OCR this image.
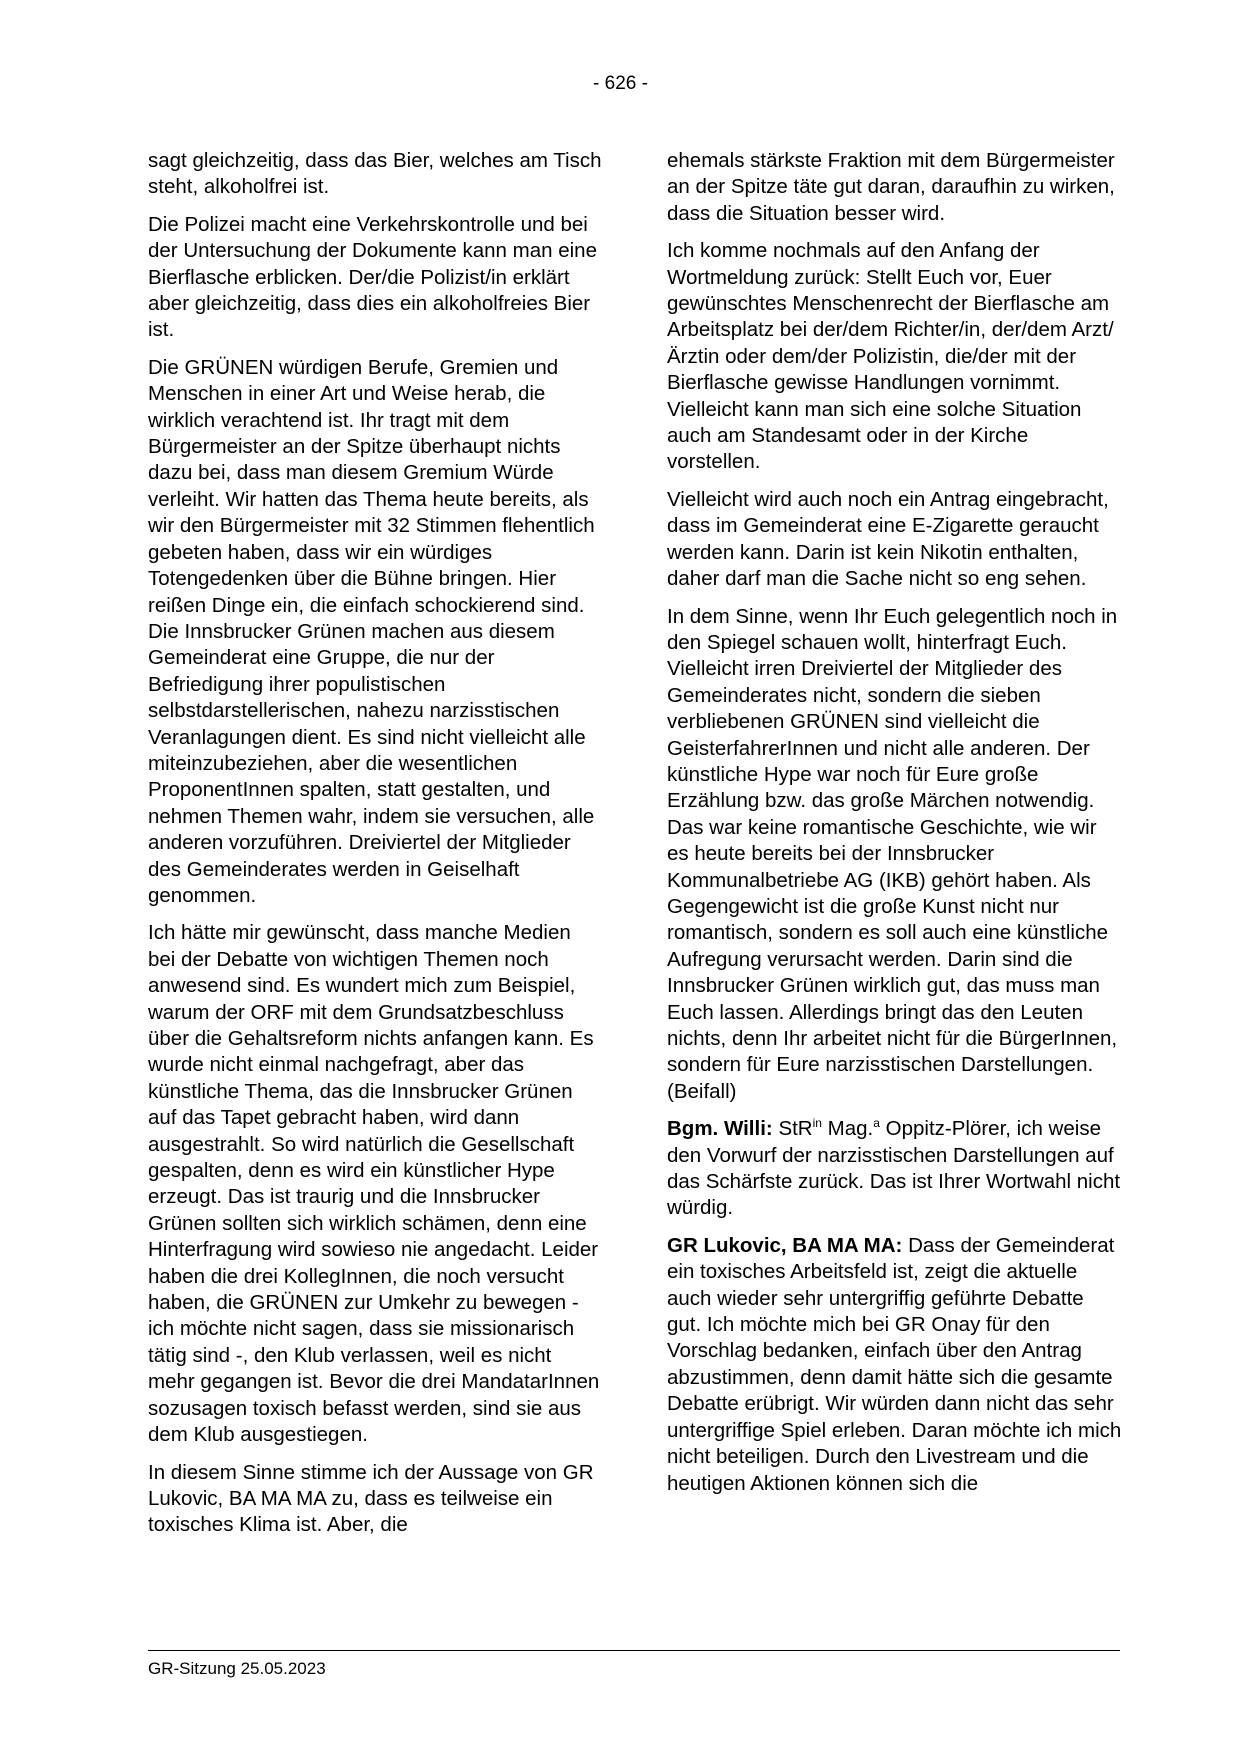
- 626 -

sagt gleichzeitig, dass das Bier, welches am Tisch steht, alkoholfrei ist.

Die Polizei macht eine Verkehrskontrolle und bei der Untersuchung der Dokumente kann man eine Bierflasche erblicken. Der/die Polizist/in erklärt aber gleichzeitig, dass dies ein alkoholfreies Bier ist.

Die GRÜNEN würdigen Berufe, Gremien und Menschen in einer Art und Weise herab, die wirklich verachtend ist. Ihr tragt mit dem Bürgermeister an der Spitze überhaupt nichts dazu bei, dass man diesem Gremium Würde verleiht. Wir hatten das Thema heute bereits, als wir den Bürgermeister mit 32 Stimmen flehentlich gebeten haben, dass wir ein würdiges Totengedenken über die Bühne bringen. Hier reißen Dinge ein, die einfach schockierend sind. Die Innsbrucker Grünen machen aus diesem Gemeinderat eine Gruppe, die nur der Befriedigung ihrer populistischen selbstdarstellerischen, nahezu narzisstischen Veranlagungen dient. Es sind nicht vielleicht alle miteinzubeziehen, aber die wesentlichen ProponentInnen spalten, statt gestalten, und nehmen Themen wahr, indem sie versuchen, alle anderen vorzuführen. Dreiviertel der Mitglieder des Gemeinderates werden in Geiselhaft genommen.

Ich hätte mir gewünscht, dass manche Medien bei der Debatte von wichtigen Themen noch anwesend sind. Es wundert mich zum Beispiel, warum der ORF mit dem Grundsatzbeschluss über die Gehaltsreform nichts anfangen kann. Es wurde nicht einmal nachgefragt, aber das künstliche Thema, das die Innsbrucker Grünen auf das Tapet gebracht haben, wird dann ausgestrahlt. So wird natürlich die Gesellschaft gespalten, denn es wird ein künstlicher Hype erzeugt. Das ist traurig und die Innsbrucker Grünen sollten sich wirklich schämen, denn eine Hinterfragung wird sowieso nie angedacht. Leider haben die drei KollegInnen, die noch versucht haben, die GRÜNEN zur Umkehr zu bewegen - ich möchte nicht sagen, dass sie missionarisch tätig sind -, den Klub verlassen, weil es nicht mehr gegangen ist. Bevor die drei MandatarInnen sozusagen toxisch befasst werden, sind sie aus dem Klub ausgestiegen.

In diesem Sinne stimme ich der Aussage von GR Lukovic, BA MA MA zu, dass es teilweise ein toxisches Klima ist. Aber, die

ehemals stärkste Fraktion mit dem Bürgermeister an der Spitze täte gut daran, daraufhin zu wirken, dass die Situation besser wird.

Ich komme nochmals auf den Anfang der Wortmeldung zurück: Stellt Euch vor, Euer gewünschtes Menschenrecht der Bierflasche am Arbeitsplatz bei der/dem Richter/in, der/dem Arzt/Ärztin oder dem/der Polizistin, die/der mit der Bierflasche gewisse Handlungen vornimmt. Vielleicht kann man sich eine solche Situation auch am Standesamt oder in der Kirche vorstellen.

Vielleicht wird auch noch ein Antrag eingebracht, dass im Gemeinderat eine E-Zigarette geraucht werden kann. Darin ist kein Nikotin enthalten, daher darf man die Sache nicht so eng sehen.

In dem Sinne, wenn Ihr Euch gelegentlich noch in den Spiegel schauen wollt, hinterfragt Euch. Vielleicht irren Dreiviertel der Mitglieder des Gemeinderates nicht, sondern die sieben verbliebenen GRÜNEN sind vielleicht die GeisterfahrerInnen und nicht alle anderen. Der künstliche Hype war noch für Eure große Erzählung bzw. das große Märchen notwendig. Das war keine romantische Geschichte, wie wir es heute bereits bei der Innsbrucker Kommunalbetriebe AG (IKB) gehört haben. Als Gegengewicht ist die große Kunst nicht nur romantisch, sondern es soll auch eine künstliche Aufregung verursacht werden. Darin sind die Innsbrucker Grünen wirklich gut, das muss man Euch lassen. Allerdings bringt das den Leuten nichts, denn Ihr arbeitet nicht für die BürgerInnen, sondern für Eure narzisstischen Darstellungen. (Beifall)

Bgm. Willi: StR$^{in}$ Mag.$^a$ Oppitz-Plörer, ich weise den Vorwurf der narzisstischen Darstellungen auf das Schärfste zurück. Das ist Ihrer Wortwahl nicht würdig.

GR Lukovic, BA MA MA: Dass der Gemeinderat ein toxisches Arbeitsfeld ist, zeigt die aktuelle auch wieder sehr untergriffig geführte Debatte gut. Ich möchte mich bei GR Onay für den Vorschlag bedanken, einfach über den Antrag abzustimmen, denn damit hätte sich die gesamte Debatte erübrigt. Wir würden dann nicht das sehr untergriffige Spiel erleben. Daran möchte ich mich nicht beteiligen. Durch den Livestream und die heutigen Aktionen können sich die

GR-Sitzung 25.05.2023
